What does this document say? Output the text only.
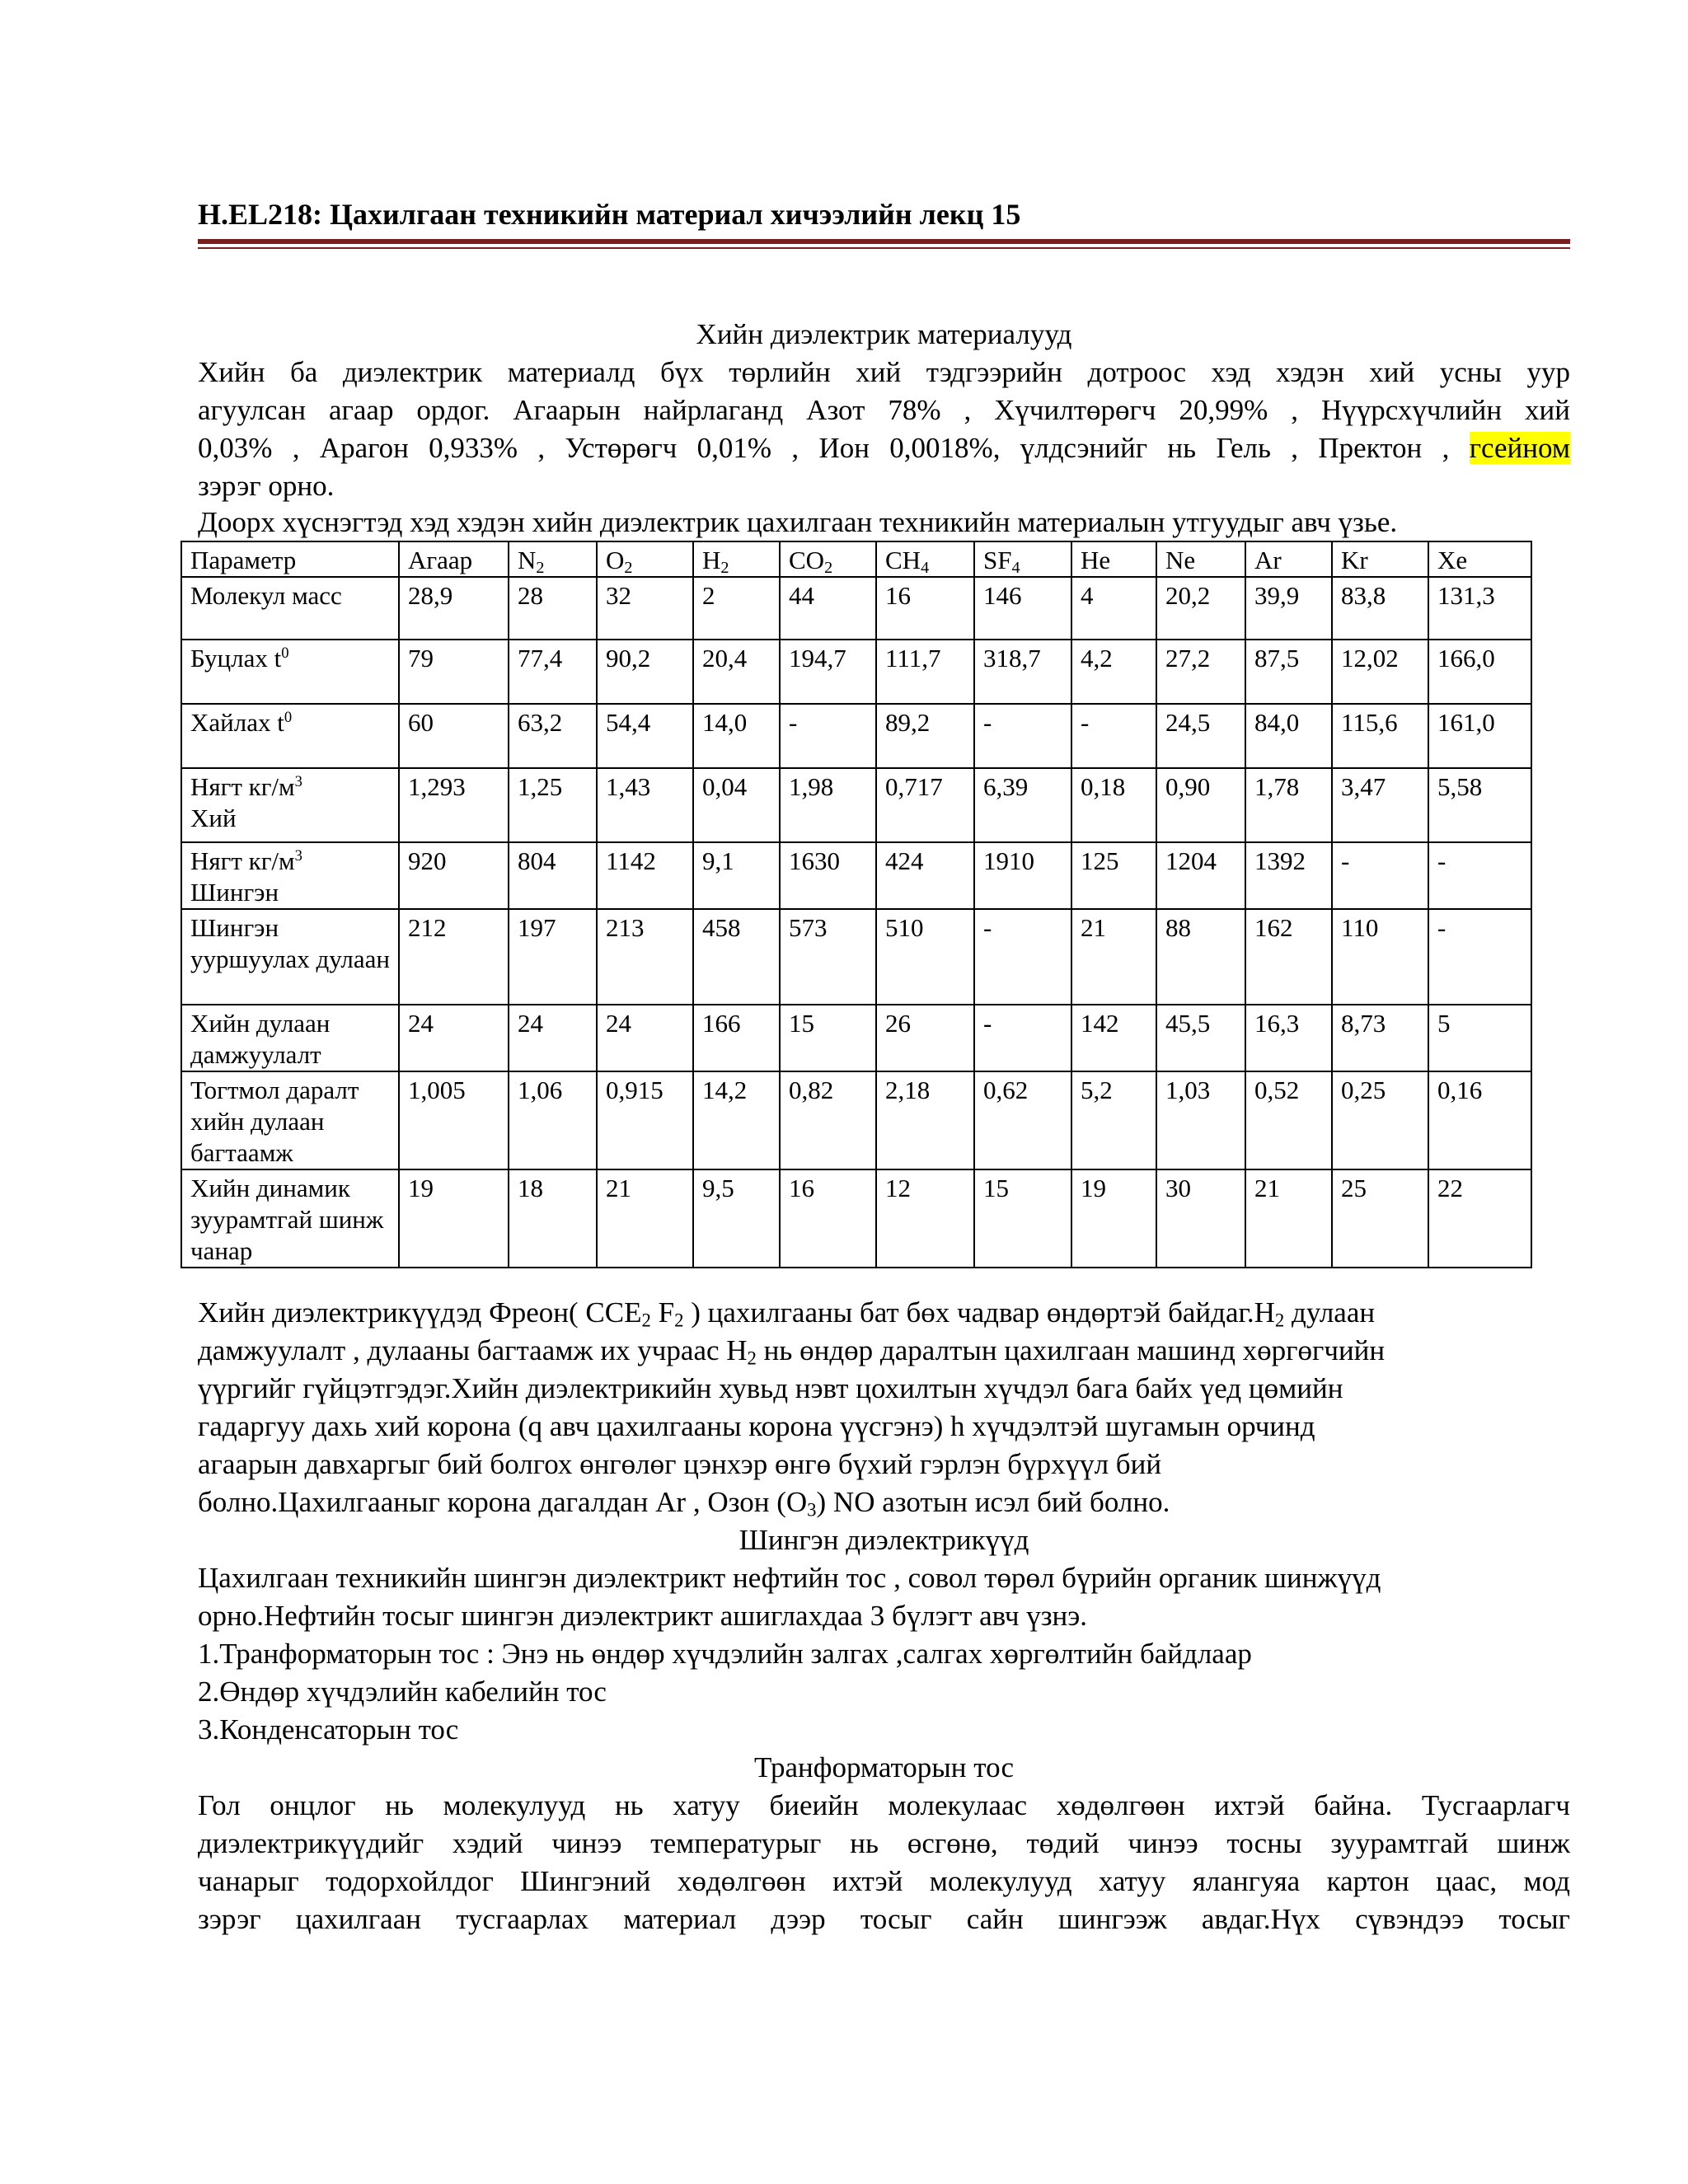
H.EL218: Цахилгаан техникийн материал хичээлийн лекц 15
Хийн диэлектрик материалууд
Хийн ба диэлектрик материалд бүх төрлийн хий тэдгээрийн дотроос хэд хэдэн хий усны уур
агуулсан агаар ордог. Агаарын найрлаганд Азот 78% , Хүчилтөрөгч 20,99% , Нүүрсхүчлийн хий
0,03% , Арагон 0,933% , Устөрөгч 0,01% , Ион 0,0018%, үлдсэнийг нь Гель , Пректон , гсейном
зэрэг орно.
Доорх хүснэгтэд хэд хэдэн хийн диэлектрик цахилгаан техникийн материалын утгуудыг авч үзье.
Параметр	Агаар	$N_2$	$O_2$	$H_2$	$CO_2$	$CH_4$	$SF_4$	He	Ne	Ar	Kr	Xe
Молекул масс	28,9	28	32	2	44	16	146	4	20,2	39,9	83,8	131,3
Буцлах $t^0$	79	77,4	90,2	20,4	194,7	111,7	318,7	4,2	27,2	87,5	12,02	166,0
Хайлах $t^0$	60	63,2	54,4	14,0	-	89,2	-	-	24,5	84,0	115,6	161,0
Нягт $кг/м^3$
Хий	1,293	1,25	1,43	0,04	1,98	0,717	6,39	0,18	0,90	1,78	3,47	5,58
Нягт $кг/м^3$
Шингэн	920	804	1142	9,1	1630	424	1910	125	1204	1392	-	-
Шингэн ууршуулах дулаан	212	197	213	458	573	510	-	21	88	162	110	-
Хийн дулаан дамжуулалт	24	24	24	166	15	26	-	142	45,5	16,3	8,73	5
Тогтмол даралт хийн дулаан багтаамж	1,005	1,06	0,915	14,2	0,82	2,18	0,62	5,2	1,03	0,52	0,25	0,16
Хийн динамик зуурамтгай шинж чанар	19	18	21	9,5	16	12	15	19	30	21	25	22
Хийн диэлектрикүүдэд Фреон( $CCE_2$ $F_2$ ) цахилгааны бат бөх чадвар өндөртэй $байдаг.H_2$ дулаан
дамжуулалт , дулааны багтаамж их учраас $H_2$ нь өндөр даралтын цахилгаан машинд хөргөгчийн
үүргийг гүйцэтгэдэг.Хийн диэлектрикийн хувьд нэвт цохилтын хүчдэл бага байх үед цөмийн
гадаргуу дахь хий корона (q авч цахилгааны корона үүсгэнэ) h хүчдэлтэй шугамын орчинд
агаарын давхаргыг бий болгох өнгөлөг цэнхэр өнгө бүхий гэрлэн бүрхүүл бий
болно.Цахилгааныг корона дагалдан Ar , Озон $(O_3)$ NO азотын исэл бий болно.
Шингэн диэлектрикүүд
Цахилгаан техникийн шингэн диэлектрикт нефтийн тос , совол төрөл бүрийн органик шинжүүд
орно.Нефтийн тосыг шингэн диэлектрикт ашиглахдаа 3 бүлэгт авч үзнэ.
1.Транформаторын тос : Энэ нь өндөр хүчдэлийн залгах ,салгах хөргөлтийн байдлаар
2.Өндөр хүчдэлийн кабелийн тос
3.Конденсаторын тос
Транформаторын тос
Гол онцлог нь молекулууд нь хатуу биеийн молекулаас хөдөлгөөн ихтэй байна. Тусгаарлагч
диэлектрикүүдийг хэдий чинээ температурыг нь өсгөнө, төдий чинээ тосны зуурамтгай шинж
чанарыг тодорхойлдог Шингэний хөдөлгөөн ихтэй молекулууд хатуу ялангуяа картон цаас, мод
зэрэг цахилгаан тусгаарлах материал дээр тосыг сайн шингээж авдаг.Нүх сүвэндээ тосыг
